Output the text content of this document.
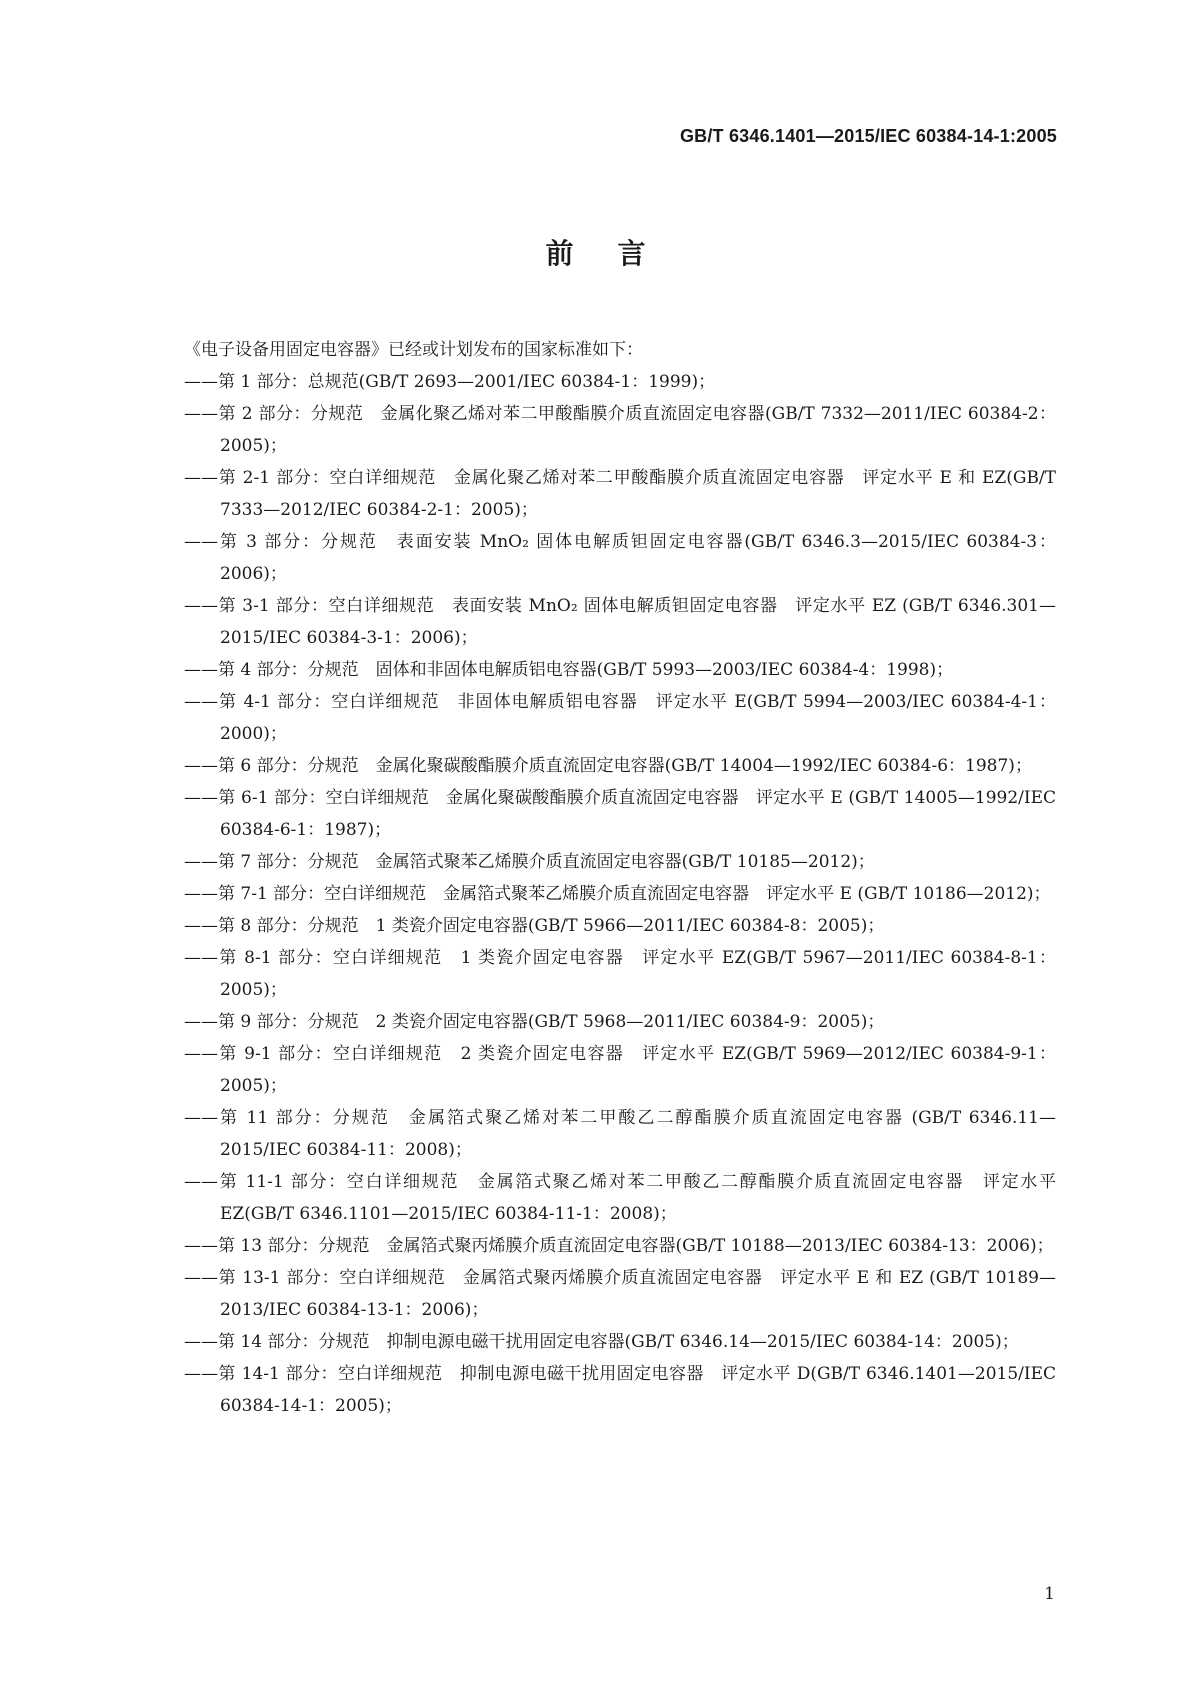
GB/T 6346.1401—2015/IEC 60384-14-1:2005
前言

《电子设备用固定电容器》已经或计划发布的国家标准如下：

——第 1 部分：总规范(GB/T 2693—2001/IEC 60384-1：1999)；
——第 2 部分：分规范　金属化聚乙烯对苯二甲酸酯膜介质直流固定电容器(GB/T 7332—2011/IEC 60384-2：2005)；
——第 2-1 部分：空白详细规范　金属化聚乙烯对苯二甲酸酯膜介质直流固定电容器　评定水平 E 和 EZ(GB/T 7333—2012/IEC 60384-2-1：2005)；
——第 3 部分：分规范　表面安装 MnO₂ 固体电解质钽固定电容器(GB/T 6346.3—2015/IEC 60384-3：2006)；
——第 3-1 部分：空白详细规范　表面安装 MnO₂ 固体电解质钽固定电容器　评定水平 EZ (GB/T 6346.301—2015/IEC 60384-3-1：2006)；
——第 4 部分：分规范　固体和非固体电解质铝电容器(GB/T 5993—2003/IEC 60384-4：1998)；
——第 4-1 部分：空白详细规范　非固体电解质铝电容器　评定水平 E(GB/T 5994—2003/IEC 60384-4-1：2000)；
——第 6 部分：分规范　金属化聚碳酸酯膜介质直流固定电容器(GB/T 14004—1992/IEC 60384-6：1987)；
——第 6-1 部分：空白详细规范　金属化聚碳酸酯膜介质直流固定电容器　评定水平 E (GB/T 14005—1992/IEC 60384-6-1：1987)；
——第 7 部分：分规范　金属箔式聚苯乙烯膜介质直流固定电容器(GB/T 10185—2012)；
——第 7-1 部分：空白详细规范　金属箔式聚苯乙烯膜介质直流固定电容器　评定水平 E (GB/T 10186—2012)；
——第 8 部分：分规范　1 类瓷介固定电容器(GB/T 5966—2011/IEC 60384-8：2005)；
——第 8-1 部分：空白详细规范　1 类瓷介固定电容器　评定水平 EZ(GB/T 5967—2011/IEC 60384-8-1：2005)；
——第 9 部分：分规范　2 类瓷介固定电容器(GB/T 5968—2011/IEC 60384-9：2005)；
——第 9-1 部分：空白详细规范　2 类瓷介固定电容器　评定水平 EZ(GB/T 5969—2012/IEC 60384-9-1：2005)；
——第 11 部分：分规范　金属箔式聚乙烯对苯二甲酸乙二醇酯膜介质直流固定电容器 (GB/T 6346.11—2015/IEC 60384-11：2008)；
——第 11-1 部分：空白详细规范　金属箔式聚乙烯对苯二甲酸乙二醇酯膜介质直流固定电容器　评定水平 EZ(GB/T 6346.1101—2015/IEC 60384-11-1：2008)；
——第 13 部分：分规范　金属箔式聚丙烯膜介质直流固定电容器(GB/T 10188—2013/IEC 60384-13：2006)；
——第 13-1 部分：空白详细规范　金属箔式聚丙烯膜介质直流固定电容器　评定水平 E 和 EZ (GB/T 10189—2013/IEC 60384-13-1：2006)；
——第 14 部分：分规范　抑制电源电磁干扰用固定电容器(GB/T 6346.14—2015/IEC 60384-14：2005)；
——第 14-1 部分：空白详细规范　抑制电源电磁干扰用固定电容器　评定水平 D(GB/T 6346.1401—2015/IEC 60384-14-1：2005)；
1
